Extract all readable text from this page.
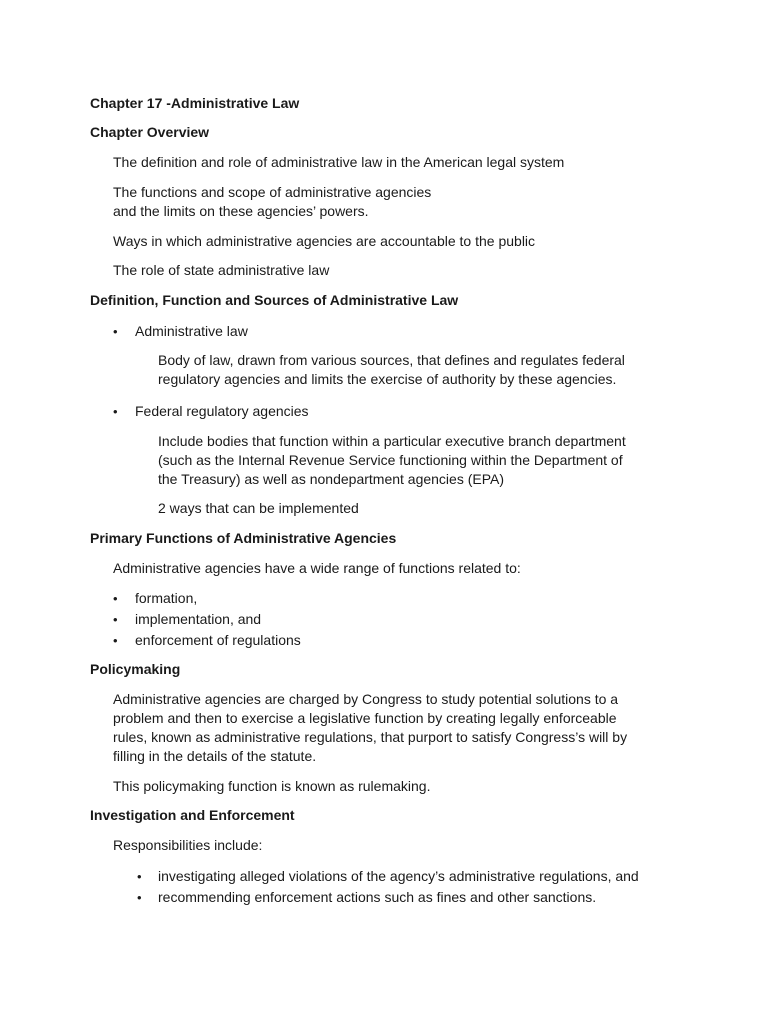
Chapter 17 -Administrative Law
Chapter Overview
The definition and role of administrative law in the American legal system
The functions and scope of administrative agencies
and the limits on these agencies’ powers.
Ways in which administrative agencies are accountable to the public
The role of state administrative law
Definition, Function and Sources of Administrative Law
• Administrative law
Body of law, drawn from various sources, that defines and regulates federal
regulatory agencies and limits the exercise of authority by these agencies.
• Federal regulatory agencies
Include bodies that function within a particular executive branch department
(such as the Internal Revenue Service functioning within the Department of
the Treasury) as well as nondepartment agencies (EPA)
2 ways that can be implemented
Primary Functions of Administrative Agencies
Administrative agencies have a wide range of functions related to:
• formation,
• implementation, and
• enforcement of regulations
Policymaking
Administrative agencies are charged by Congress to study potential solutions to a
problem and then to exercise a legislative function by creating legally enforceable
rules, known as administrative regulations, that purport to satisfy Congress’s will by
filling in the details of the statute.
This policymaking function is known as rulemaking.
Investigation and Enforcement
Responsibilities include:
• investigating alleged violations of the agency’s administrative regulations, and
• recommending enforcement actions such as fines and other sanctions.
